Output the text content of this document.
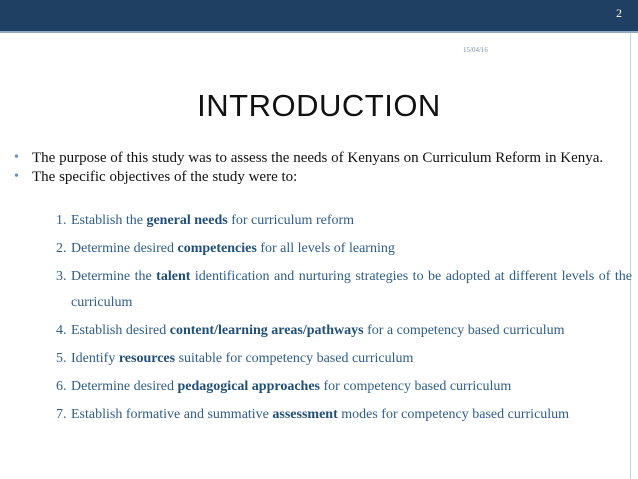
2
15/04/16
INTRODUCTION
• The purpose of this study was to assess the needs of Kenyans on Curriculum Reform in Kenya.
• The specific objectives of the study were to:
1. Establish the general needs for curriculum reform
2. Determine desired competencies for all levels of learning
3. Determine the talent identification and nurturing strategies to be adopted at different levels of the curriculum
4. Establish desired content/learning areas/pathways for a competency based curriculum
5. Identify resources suitable for competency based curriculum
6. Determine desired pedagogical approaches for competency based curriculum
7. Establish formative and summative assessment modes for competency based curriculum
